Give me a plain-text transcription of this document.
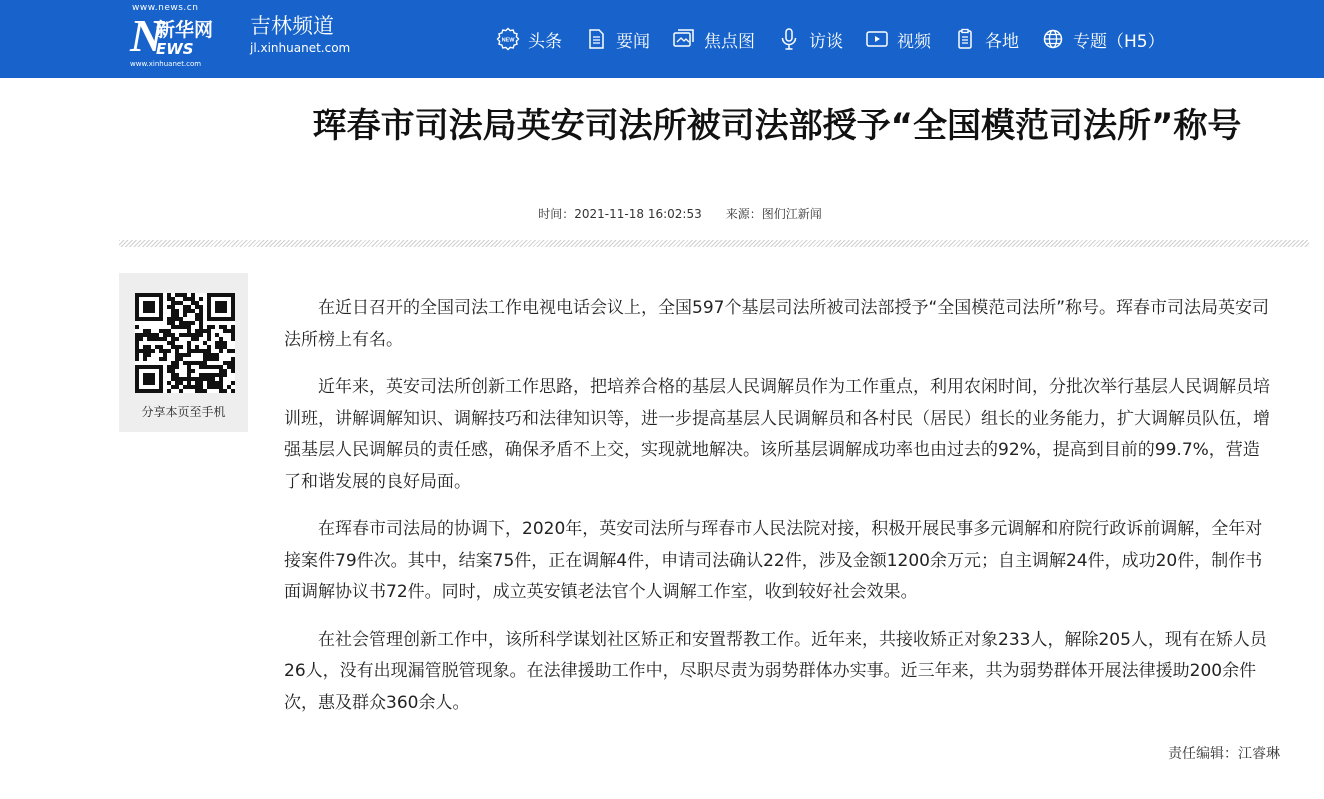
www.news.cn
N
新华网
EWS
www.xinhuanet.com
吉林频道
jl.xinhuanet.com
NEW 头条	要闻	焦点图	访谈	视频	各地	专题（H5）
珲春市司法局英安司法所被司法部授予“全国模范司法所”称号
时间：2021-11-18 16:02:53 来源：图们江新闻
分享本页至手机

在近日召开的全国司法工作电视电话会议上，全国597个基层司法所被司法部授予“全国模范司法所”称号。珲春市司法局英安司法所榜上有名。

近年来，英安司法所创新工作思路，把培养合格的基层人民调解员作为工作重点，利用农闲时间，分批次举行基层人民调解员培训班，讲解调解知识、调解技巧和法律知识等，进一步提高基层人民调解员和各村民（居民）组长的业务能力，扩大调解员队伍，增强基层人民调解员的责任感，确保矛盾不上交，实现就地解决。该所基层调解成功率也由过去的92%，提高到目前的99.7%，营造了和谐发展的良好局面。

在珲春市司法局的协调下，2020年，英安司法所与珲春市人民法院对接，积极开展民事多元调解和府院行政诉前调解，全年对接案件79件次。其中，结案75件，正在调解4件，申请司法确认22件，涉及金额1200余万元；自主调解24件，成功20件，制作书面调解协议书72件。同时，成立英安镇老法官个人调解工作室，收到较好社会效果。

在社会管理创新工作中，该所科学谋划社区矫正和安置帮教工作。近年来，共接收矫正对象233人，解除205人，现有在矫人员26人，没有出现漏管脱管现象。在法律援助工作中，尽职尽责为弱势群体办实事。近三年来，共为弱势群体开展法律援助200余件次，惠及群众360余人。

责任编辑：江睿琳
